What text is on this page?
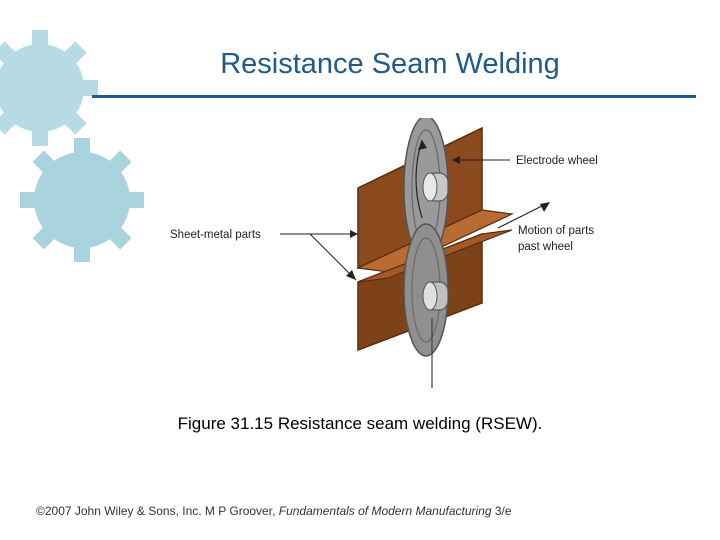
Resistance Seam Welding
Electrode wheel
Sheet-metal parts	Motion of parts
past wheel
Figure 31.15 Resistance seam welding (RSEW).
©2007 John Wiley & Sons, Inc. M P Groover, Fundamentals of Modern Manufacturing 3/e
